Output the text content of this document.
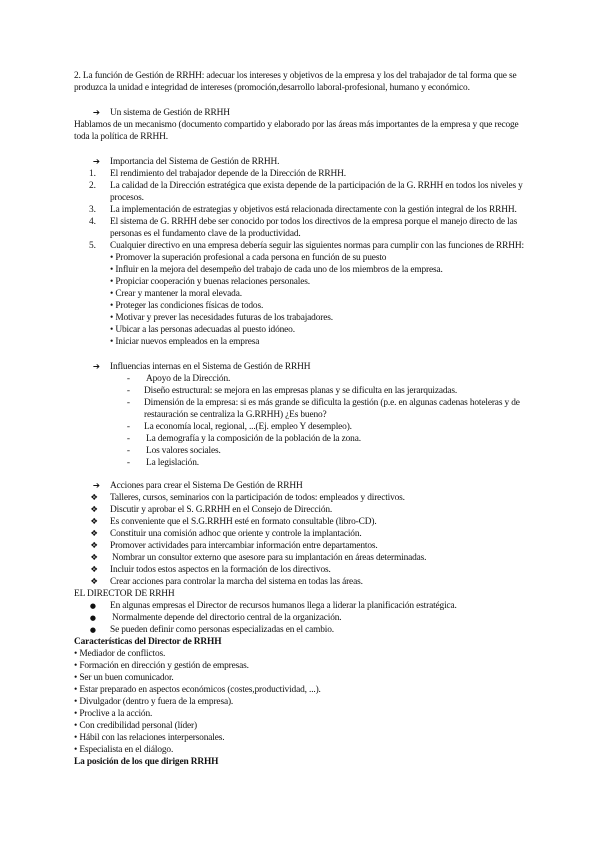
2. La función de Gestión de RRHH: adecuar los intereses y objetivos de la empresa y los del trabajador de tal forma que se
produzca la unidad e integridad de intereses (promoción,desarrollo laboral-profesional, humano y económico.
➔ Un sistema de Gestión de RRHH
Hablamos de un mecanismo (documento compartido y elaborado por las áreas más importantes de la empresa y que recoge
toda la política de RRHH.
➔ Importancia del Sistema de Gestión de RRHH.
1. El rendimiento del trabajador depende de la Dirección de RRHH.
2. La calidad de la Dirección estratégica que exista depende de la participación de la G. RRHH en todos los niveles y
procesos.
3. La implementación de estrategias y objetivos está relacionada directamente con la gestión integral de los RRHH.
4. El sistema de G. RRHH debe ser conocido por todos los directivos de la empresa porque el manejo directo de las
personas es el fundamento clave de la productividad.
5. Cualquier directivo en una empresa debería seguir las siguientes normas para cumplir con las funciones de RRHH:
• Promover la superación profesional a cada persona en función de su puesto
• Influir en la mejora del desempeño del trabajo de cada uno de los miembros de la empresa.
• Propiciar cooperación y buenas relaciones personales.
• Crear y mantener la moral elevada.
• Proteger las condiciones físicas de todos.
• Motivar y prever las necesidades futuras de los trabajadores.
• Ubicar a las personas adecuadas al puesto idóneo.
• Iniciar nuevos empleados en la empresa
➔ Influencias internas en el Sistema de Gestión de RRHH
- Apoyo de la Dirección.
- Diseño estructural: se mejora en las empresas planas y se dificulta en las jerarquizadas.
- Dimensión de la empresa: si es más grande se dificulta la gestión (p.e. en algunas cadenas hoteleras y de
restauración se centraliza la G.RRHH) ¿Es bueno?
- La economía local, regional, ...(Ej. empleo Y desempleo).
- La demografía y la composición de la población de la zona.
- Los valores sociales.
- La legislación.
➔ Acciones para crear el Sistema De Gestión de RRHH
❖ Talleres, cursos, seminarios con la participación de todos: empleados y directivos.
❖ Discutir y aprobar el S. G.RRHH en el Consejo de Dirección.
❖ Es conveniente que el S.G.RRHH esté en formato consultable (libro-CD).
❖ Constituir una comisión adhoc que oriente y controle la implantación.
❖ Promover actividades para intercambiar información entre departamentos.
❖ Nombrar un consultor externo que asesore para su implantación en áreas determinadas.
❖ Incluir todos estos aspectos en la formación de los directivos.
❖ Crear acciones para controlar la marcha del sistema en todas las áreas.
EL DIRECTOR DE RRHH
● En algunas empresas el Director de recursos humanos llega a liderar la planificación estratégica.
● Normalmente depende del directorio central de la organización.
● Se pueden definir como personas especializadas en el cambio.
Características del Director de RRHH
• Mediador de conflictos.
• Formación en dirección y gestión de empresas.
• Ser un buen comunicador.
• Estar preparado en aspectos económicos (costes,productividad, ...).
• Divulgador (dentro y fuera de la empresa).
• Proclive a la acción.
• Con credibilidad personal (líder)
• Hábil con las relaciones interpersonales.
• Especialista en el diálogo.
La posición de los que dirigen RRHH
